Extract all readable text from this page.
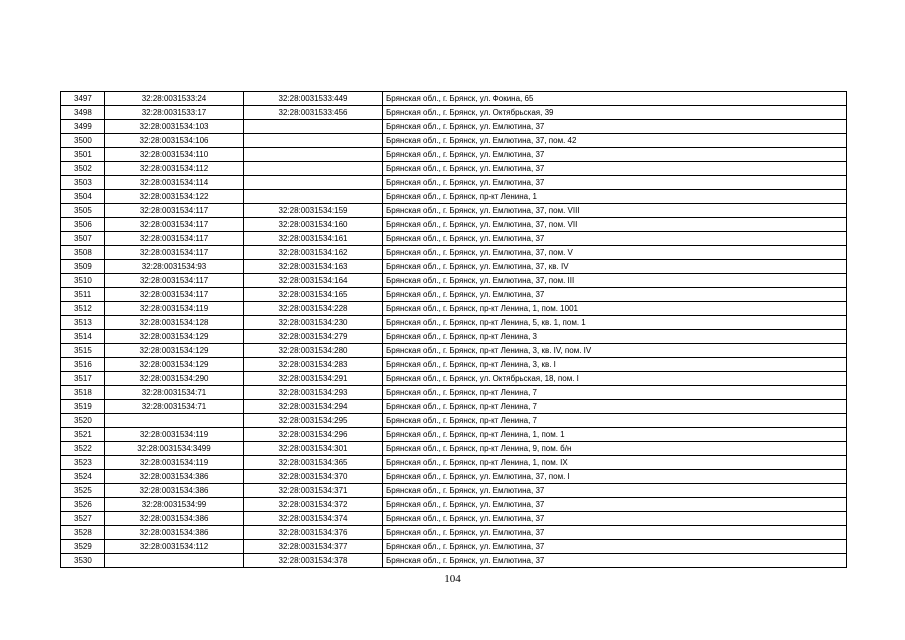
3497	32:28:0031533:24	32:28:0031533:449	Брянская обл., г. Брянск, ул. Фокина, 65
3498	32:28:0031533:17	32:28:0031533:456	Брянская обл., г. Брянск, ул. Октябрьская, 39
3499	32:28:0031534:103		Брянская обл., г. Брянск, ул. Емлютина, 37
3500	32:28:0031534:106		Брянская обл., г. Брянск, ул. Емлютина, 37, пом. 42
3501	32:28:0031534:110		Брянская обл., г. Брянск, ул. Емлютина, 37
3502	32:28:0031534:112		Брянская обл., г. Брянск, ул. Емлютина, 37
3503	32:28:0031534:114		Брянская обл., г. Брянск, ул. Емлютина, 37
3504	32:28:0031534:122		Брянская обл., г. Брянск, пр-кт Ленина, 1
3505	32:28:0031534:117	32:28:0031534:159	Брянская обл., г. Брянск, ул. Емлютина, 37, пом. VIII
3506	32:28:0031534:117	32:28:0031534:160	Брянская обл., г. Брянск, ул. Емлютина, 37, пом. VII
3507	32:28:0031534:117	32:28:0031534:161	Брянская обл., г. Брянск, ул. Емлютина, 37
3508	32:28:0031534:117	32:28:0031534:162	Брянская обл., г. Брянск, ул. Емлютина, 37, пом. V
3509	32:28:0031534:93	32:28:0031534:163	Брянская обл., г. Брянск, ул. Емлютина, 37, кв. IV
3510	32:28:0031534:117	32:28:0031534:164	Брянская обл., г. Брянск, ул. Емлютина, 37, пом. III
3511	32:28:0031534:117	32:28:0031534:165	Брянская обл., г. Брянск, ул. Емлютина, 37
3512	32:28:0031534:119	32:28:0031534:228	Брянская обл., г. Брянск, пр-кт Ленина, 1, пом. 1001
3513	32:28:0031534:128	32:28:0031534:230	Брянская обл., г. Брянск, пр-кт Ленина, 5, кв. 1, пом. 1
3514	32:28:0031534:129	32:28:0031534:279	Брянская обл., г. Брянск, пр-кт Ленина, 3
3515	32:28:0031534:129	32:28:0031534:280	Брянская обл., г. Брянск, пр-кт Ленина, 3, кв. IV, пом. IV
3516	32:28:0031534:129	32:28:0031534:283	Брянская обл., г. Брянск, пр-кт Ленина, 3, кв. I
3517	32:28:0031534:290	32:28:0031534:291	Брянская обл., г. Брянск, ул. Октябрьская, 18, пом. I
3518	32:28:0031534:71	32:28:0031534:293	Брянская обл., г. Брянск, пр-кт Ленина, 7
3519	32:28:0031534:71	32:28:0031534:294	Брянская обл., г. Брянск, пр-кт Ленина, 7
3520		32:28:0031534:295	Брянская обл., г. Брянск, пр-кт Ленина, 7
3521	32:28:0031534:119	32:28:0031534:296	Брянская обл., г. Брянск, пр-кт Ленина, 1, пом. 1
3522	32:28:0031534:3499	32:28:0031534:301	Брянская обл., г. Брянск, пр-кт Ленина, 9, пом. б/н
3523	32:28:0031534:119	32:28:0031534:365	Брянская обл., г. Брянск, пр-кт Ленина, 1, пом. IX
3524	32:28:0031534:386	32:28:0031534:370	Брянская обл., г. Брянск, ул. Емлютина, 37, пом. I
3525	32:28:0031534:386	32:28:0031534:371	Брянская обл., г. Брянск, ул. Емлютина, 37
3526	32:28:0031534:99	32:28:0031534:372	Брянская обл., г. Брянск, ул. Емлютина, 37
3527	32:28:0031534:386	32:28:0031534:374	Брянская обл., г. Брянск, ул. Емлютина, 37
3528	32:28:0031534:386	32:28:0031534:376	Брянская обл., г. Брянск, ул. Емлютина, 37
3529	32:28:0031534:112	32:28:0031534:377	Брянская обл., г. Брянск, ул. Емлютина, 37
3530		32:28:0031534:378	Брянская обл., г. Брянск, ул. Емлютина, 37
104
